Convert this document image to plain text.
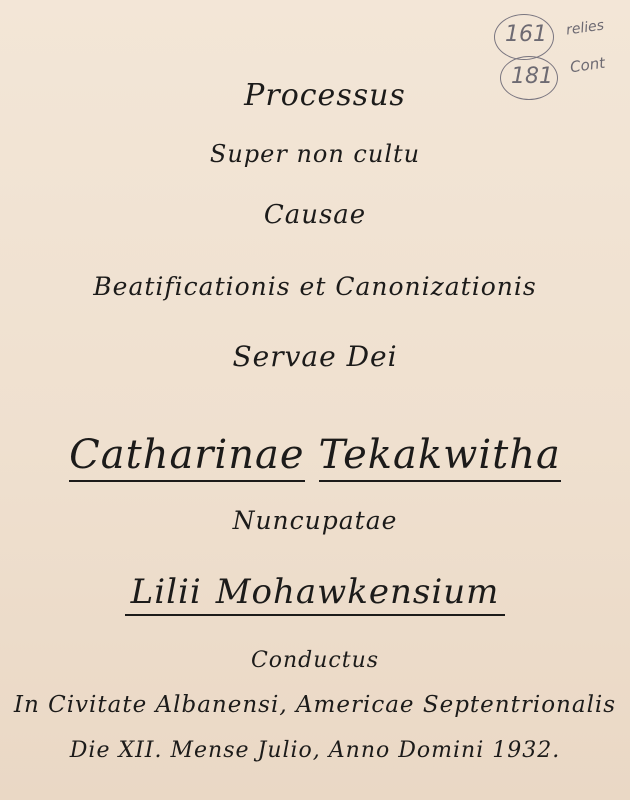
161
181
relies
Cont
Processus
Super non cultu
Causae
Beatificationis et Canonizationis
Servae Dei
Catharinae Tekakwitha
Nuncupatae
Lilii Mohawkensium
Conductus
In Civitate Albanensi, Americae Septentrionalis
Die XII. Mense Julio, Anno Domini 1932.
